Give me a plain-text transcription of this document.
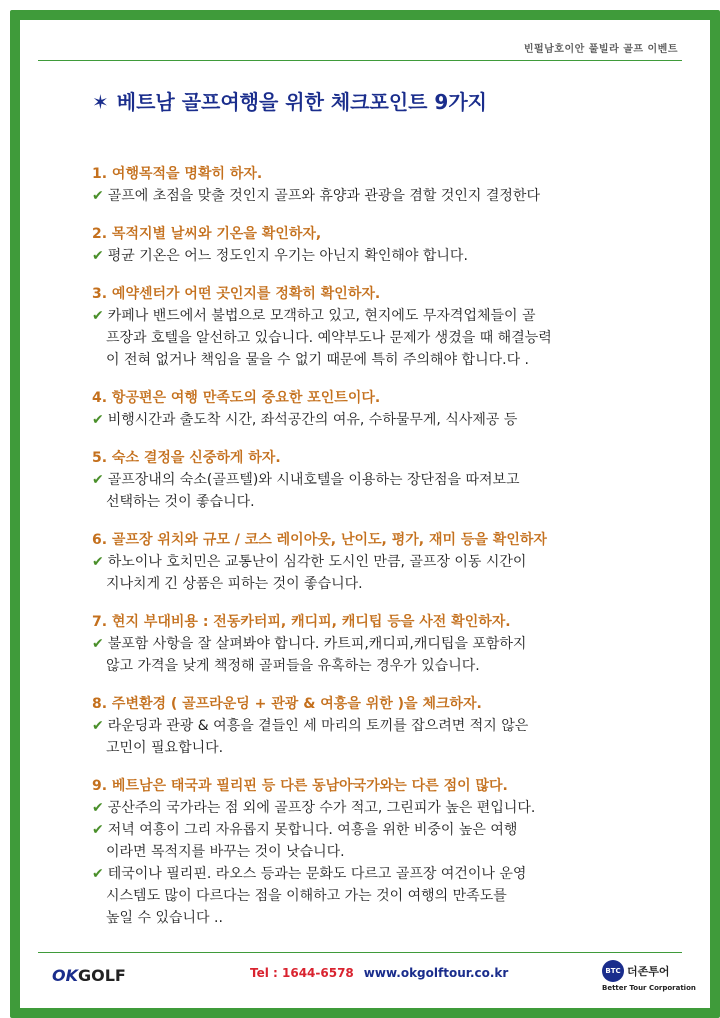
빈펄남호이안 풀빌라 골프 이벤트
✶ 베트남 골프여행을 위한 체크포인트 9가지
1. 여행목적을 명확히 하자.
✔ 골프에 초점을 맞출 것인지 골프와 휴양과 관광을 겸할 것인지 결정한다
2. 목적지별 날씨와 기온을 확인하자,
✔ 평균 기온은 어느 정도인지 우기는 아닌지 확인해야 합니다.
3. 예약센터가 어떤 곳인지를 정확히 확인하자.
✔ 카페나 밴드에서 불법으로 모객하고 있고, 현지에도 무자격업체들이 골
프장과 호텔을 알선하고 있습니다. 예약부도나 문제가 생겼을 때 해결능력
이 전혀 없거나 책임을 물을 수 없기 때문에 특히 주의해야 합니다.다 .
4. 항공편은 여행 만족도의 중요한 포인트이다.
✔ 비행시간과 출도착 시간, 좌석공간의 여유, 수하물무게, 식사제공 등
5. 숙소 결정을 신중하게 하자.
✔ 골프장내의 숙소(골프텔)와 시내호텔을 이용하는 장단점을 따져보고
선택하는 것이 좋습니다.
6. 골프장 위치와 규모 / 코스 레이아웃, 난이도, 평가, 재미 등을 확인하자
✔ 하노이나 호치민은 교통난이 심각한 도시인 만큼, 골프장 이동 시간이
지나치게 긴 상품은 피하는 것이 좋습니다.
7. 현지 부대비용 : 전동카터피, 캐디피, 캐디팁 등을 사전 확인하자.
✔ 불포함 사항을 잘 살펴봐야 합니다. 카트피,캐디피,캐디팁을 포함하지
않고 가격을 낮게 책정해 골퍼들을 유혹하는 경우가 있습니다.
8. 주변환경 ( 골프라운딩 + 관광 & 여흥을 위한 )을 체크하자.
✔ 라운딩과 관광 & 여흥을 곁들인 세 마리의 토끼를 잡으려면 적지 않은
고민이 필요합니다.
9. 베트남은 태국과 필리핀 등 다른 동남아국가와는 다른 점이 많다.
✔ 공산주의 국가라는 점 외에 골프장 수가 적고, 그린피가 높은 편입니다.
✔ 저녁 여흥이 그리 자유롭지 못합니다. 여흥을 위한 비중이 높은 여행
이라면 목적지를 바꾸는 것이 낫습니다.
✔ 테국이나 필리핀. 라오스 등과는 문화도 다르고 골프장 여건이나 운영
시스템도 많이 다르다는 점을 이해하고 가는 것이 여행의 만족도를
높일 수 있습니다 ..
OKGOLF	Tel : 1644-6578 www.okgolftour.co.kr	BTC 더존투어
Better Tour Corporation
